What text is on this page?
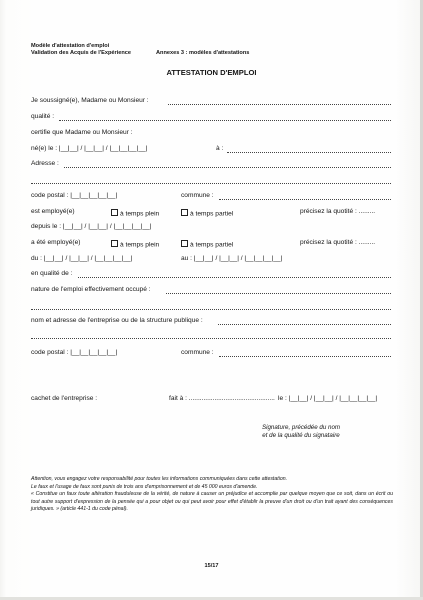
Modèle d'attestation d'emploi
Validation des Acquis de l'Expérience	Annexes 3 : modèles d'attestations
ATTESTATION D'EMPLOI
Je soussigné(e), Madame ou Monsieur :
qualité :
certifie que Madame ou Monsieur :
né(e) le : |__|__| / |__|__| / |__|__|__|__|	à :
Adresse :
code postal : |__|__|__|__|__|	commune :
est employé(e)	à temps plein	à temps partiel	précisez la quotité : .........
depuis le : |__|__| / |__|__| / |__|__|__|__|
a été employé(e)	à temps plein	à temps partiel	précisez la quotité : .........
du : |__|__| / |__|__| / |__|__|__|__|	au : |__|__| / |__|__| / |__|__|__|__|
en qualité de :
nature de l'emploi effectivement occupé :
nom et adresse de l'entreprise ou de la structure publique :
code postal : |__|__|__|__|__|	commune :
cachet de l'entreprise :	fait à : ............................................... le : |__|__| / |__|__| / |__|__|__|__|
Signature, précédée du nom
et de la qualité du signataire
Attention, vous engagez votre responsabilité pour toutes les informations communiquées dans cette attestation.
Le faux et l'usage de faux sont punis de trois ans d'emprisonnement et de 45 000 euros d'amende.
« Constitue un faux toute altération frauduleuse de la vérité, de nature à causer un préjudice et accomplie par quelque moyen que ce soit, dans un écrit ou tout autre support d'expression de la pensée qui a pour objet ou qui peut avoir pour effet d'établir la preuve d'un droit ou d'un trait ayant des conséquences juridiques. » (article 441-1 du code pénal).
15/17
